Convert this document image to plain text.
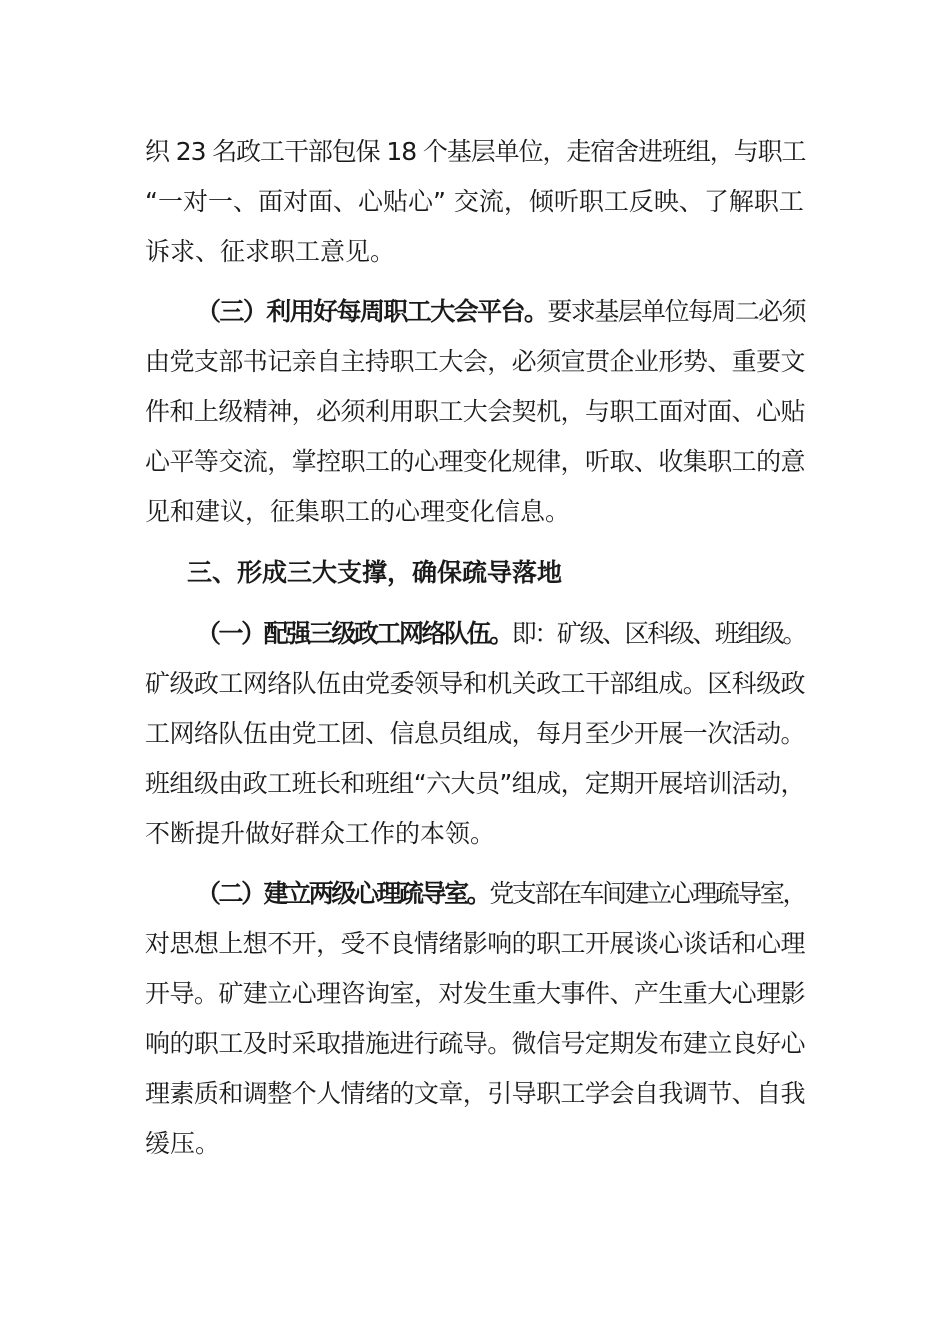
织 23 名政工干部包保 18 个基层单位，走宿舍进班组，与职工
“一对一、面对面、心贴心” 交流，倾听职工反映、了解职工
诉求、征求职工意见。
（三）利用好每周职工大会平台。要求基层单位每周二必须
由党支部书记亲自主持职工大会，必须宣贯企业形势、重要文
件和上级精神，必须利用职工大会契机，与职工面对面、心贴
心平等交流，掌控职工的心理变化规律，听取、收集职工的意
见和建议，征集职工的心理变化信息。
三、形成三大支撑，确保疏导落地
（一）配强三级政工网络队伍。即：矿级、区科级、班组级。
矿级政工网络队伍由党委领导和机关政工干部组成。区科级政
工网络队伍由党工团、信息员组成，每月至少开展一次活动。
班组级由政工班长和班组“六大员”组成，定期开展培训活动，
不断提升做好群众工作的本领。
（二）建立两级心理疏导室。党支部在车间建立心理疏导室，
对思想上想不开，受不良情绪影响的职工开展谈心谈话和心理
开导。矿建立心理咨询室，对发生重大事件、产生重大心理影
响的职工及时采取措施进行疏导。微信号定期发布建立良好心
理素质和调整个人情绪的文章，引导职工学会自我调节、自我
缓压。
